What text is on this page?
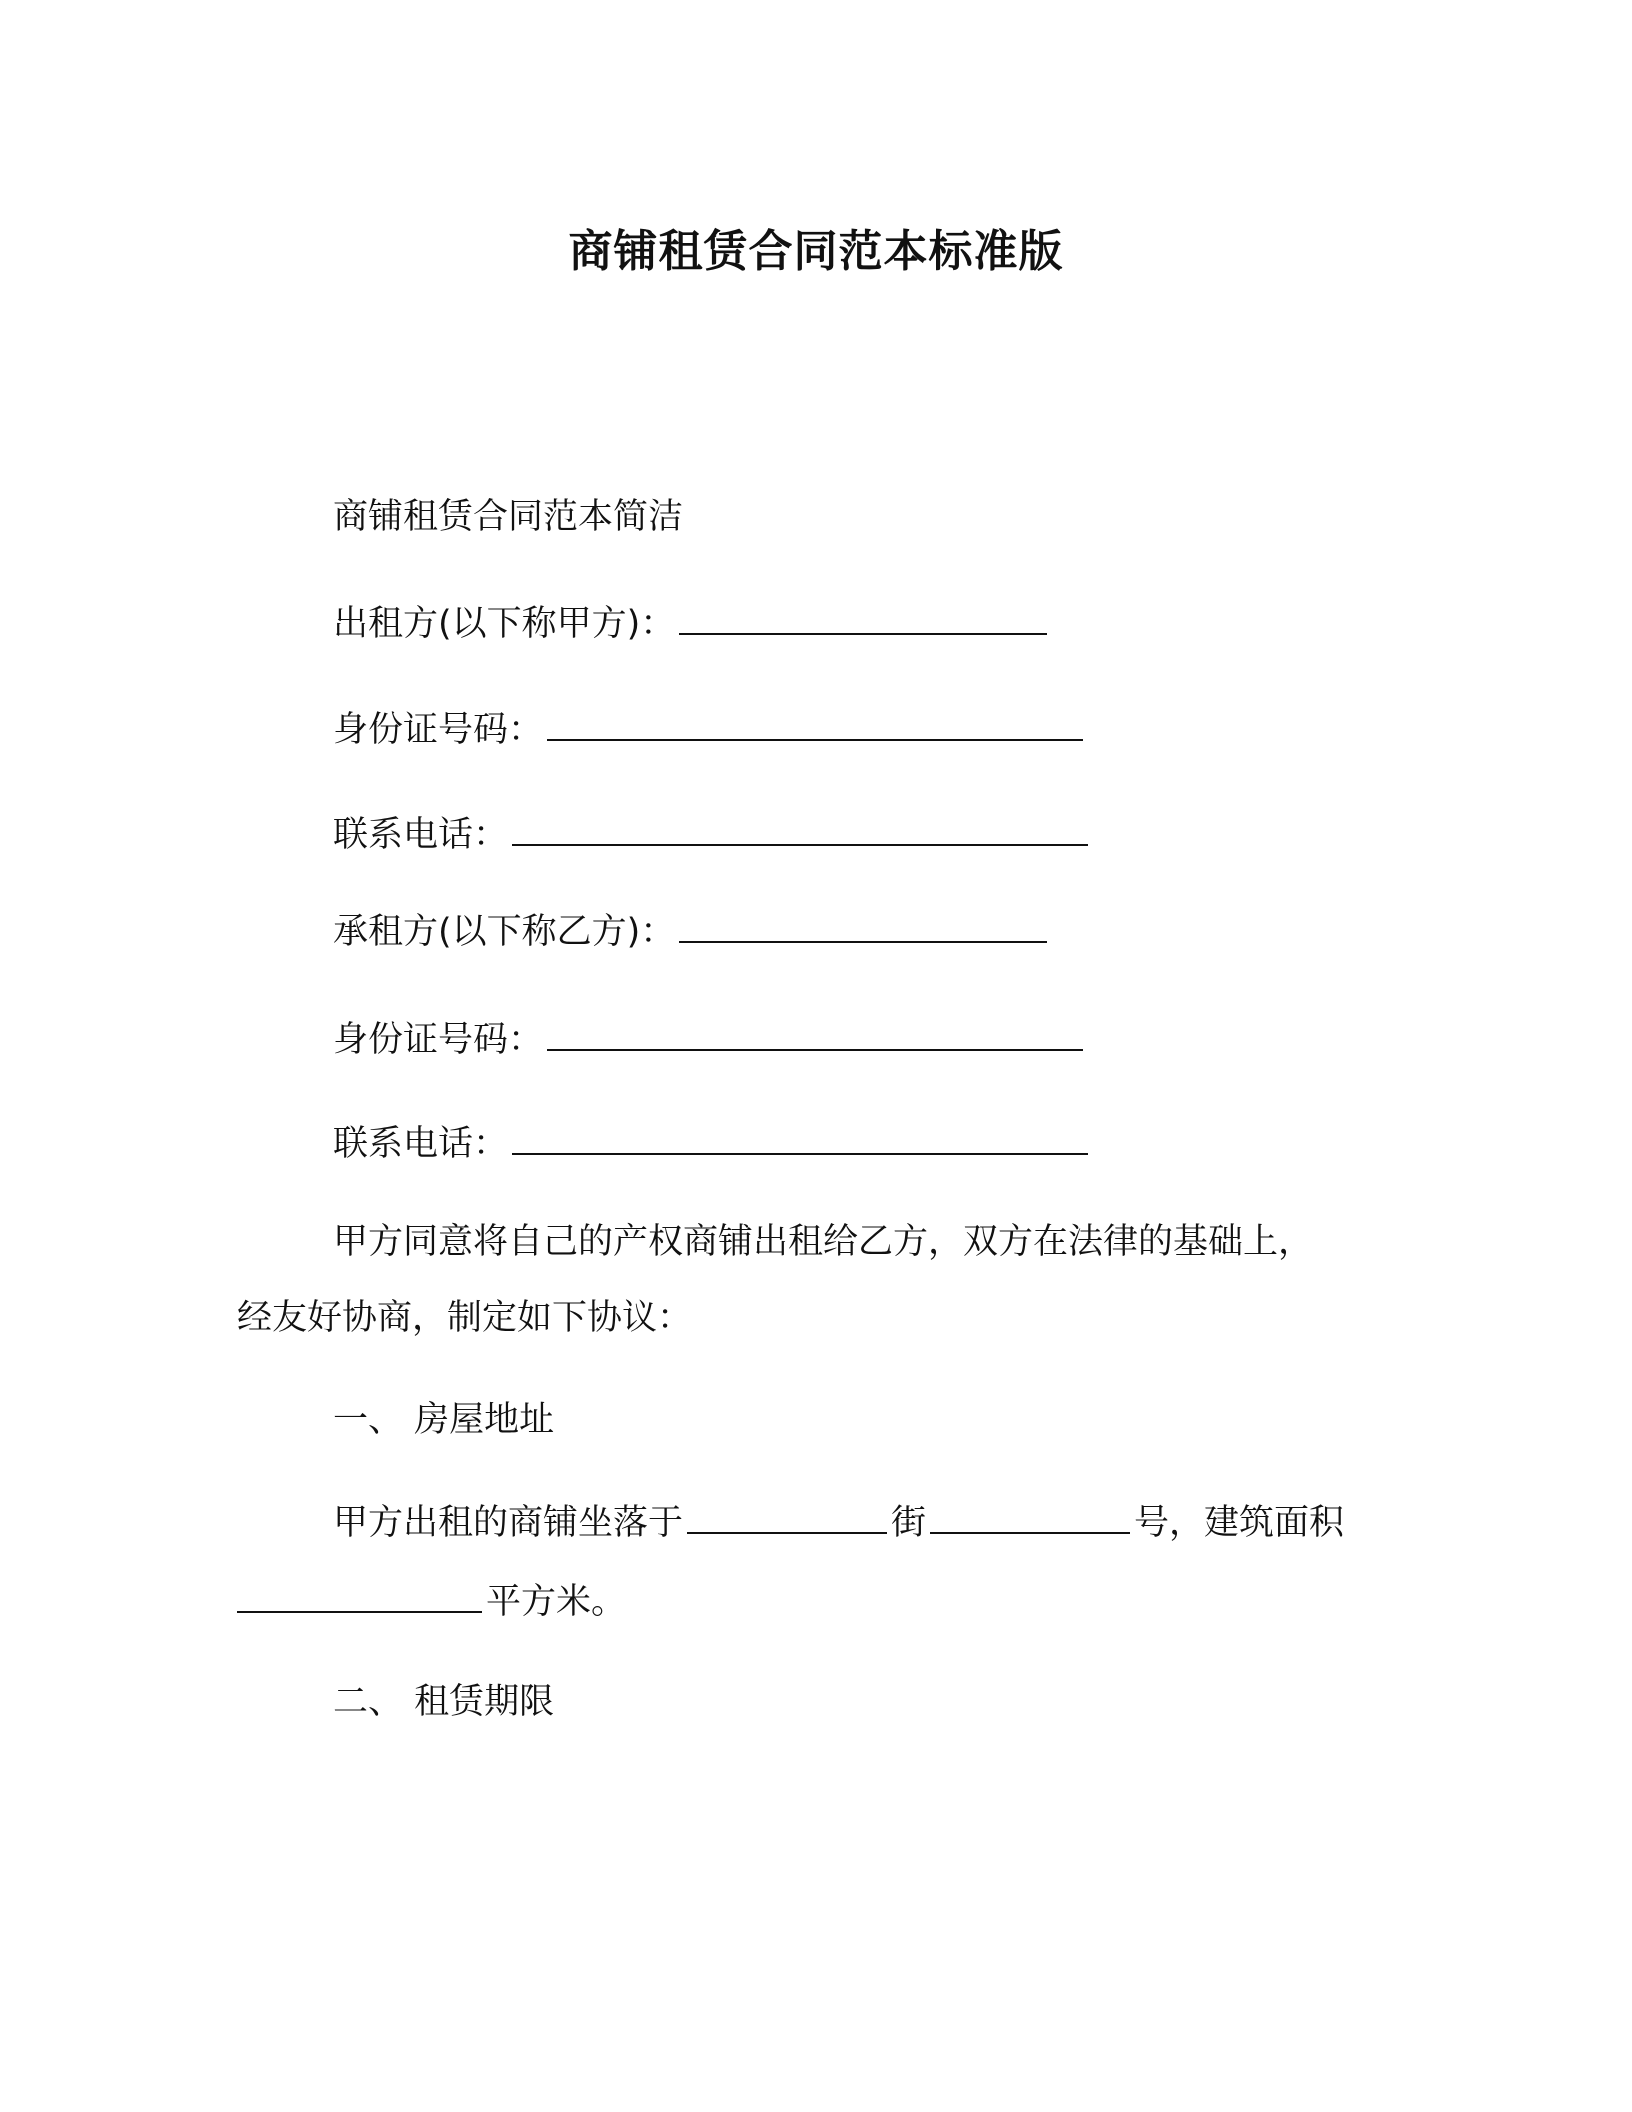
商铺租赁合同范本标准版
商铺租赁合同范本简洁
出租方(以下称甲方)：
身份证号码：
联系电话：
承租方(以下称乙方)：
身份证号码：
联系电话：
甲方同意将自己的产权商铺出租给乙方，双方在法律的基础上，
经友好协商，制定如下协议：
一、 房屋地址
甲方出租的商铺坐落于	街	号，建筑面积
平方米。
二、 租赁期限
